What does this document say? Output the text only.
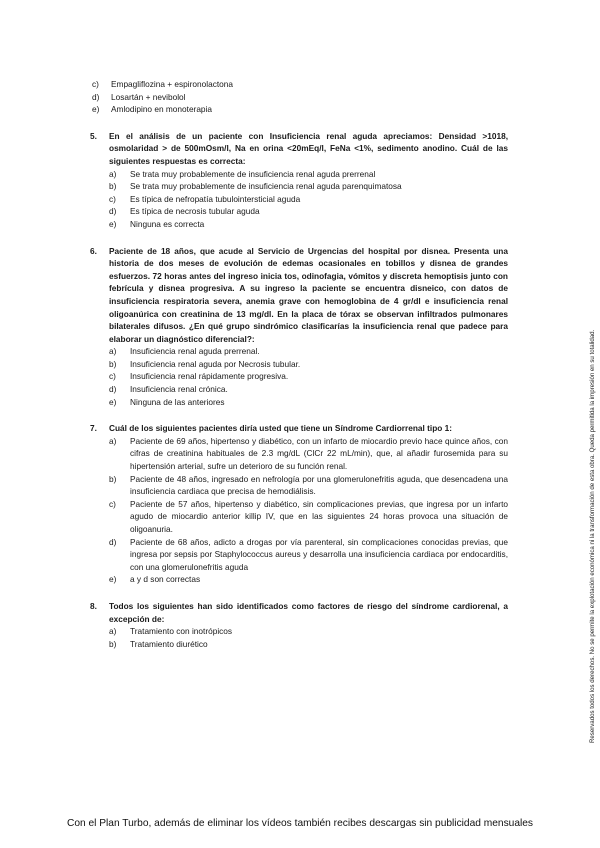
c) Empagliflozina + espironolactona
d) Losartán + nevibolol
e) Amlodipino en monoterapia
5. En el análisis de un paciente con Insuficiencia renal aguda apreciamos: Densidad >1018, osmolaridad > de 500mOsm/l, Na en orina <20mEq/l, FeNa <1%, sedimento anodino. Cuál de las siguientes respuestas es correcta:
a) Se trata muy probablemente de insuficiencia renal aguda prerrenal
b) Se trata muy probablemente de insuficiencia renal aguda parenquimatosa
c) Es típica de nefropatía tubulointersticial aguda
d) Es típica de necrosis tubular aguda
e) Ninguna es correcta
6. Paciente de 18 años, que acude al Servicio de Urgencias del hospital por disnea. Presenta una historia de dos meses de evolución de edemas ocasionales en tobillos y disnea de grandes esfuerzos. 72 horas antes del ingreso inicia tos, odinofagia, vómitos y discreta hemoptisis junto con febrícula y disnea progresiva. A su ingreso la paciente se encuentra disneico, con datos de insuficiencia respiratoria severa, anemia grave con hemoglobina de 4 gr/dl e insuficiencia renal oligoanúrica con creatinina de 13 mg/dl. En la placa de tórax se observan infiltrados pulmonares bilaterales difusos. ¿En qué grupo sindrómico clasificarías la insuficiencia renal que padece para elaborar un diagnóstico diferencial?:
a) Insuficiencia renal aguda prerrenal.
b) Insuficiencia renal aguda por Necrosis tubular.
c) Insuficiencia renal rápidamente progresiva.
d) Insuficiencia renal crónica.
e) Ninguna de las anteriores
7. Cuál de los siguientes pacientes diría usted que tiene un Síndrome Cardiorrenal tipo 1:
a) Paciente de 69 años, hipertenso y diabético, con un infarto de miocardio previo hace quince años, con cifras de creatinina habituales de 2.3 mg/dL (ClCr 22 mL/min), que, al añadir furosemida para su hipertensión arterial, sufre un deterioro de su función renal.
b) Paciente de 48 años, ingresado en nefrología por una glomerulonefritis aguda, que desencadena una insuficiencia cardiaca que precisa de hemodiálisis.
c) Paciente de 57 años, hipertenso y diabético, sin complicaciones previas, que ingresa por un infarto agudo de miocardio anterior killip IV, que en las siguientes 24 horas provoca una situación de oligoanuria.
d) Paciente de 68 años, adicto a drogas por vía parenteral, sin complicaciones conocidas previas, que ingresa por sepsis por Staphylococcus aureus y desarrolla una insuficiencia cardiaca por endocarditis, con una glomerulonefritis aguda
e) a y d son correctas
8. Todos los siguientes han sido identificados como factores de riesgo del síndrome cardiorenal, a excepción de:
a) Tratamiento con inotrópicos
b) Tratamiento diurético	Reservados todos los derechos. No se permite la explotación económica ni la transformación de esta obra. Queda permitida la impresión en su totalidad.
Con el Plan Turbo, además de eliminar los vídeos también recibes descargas sin publicidad mensuales
